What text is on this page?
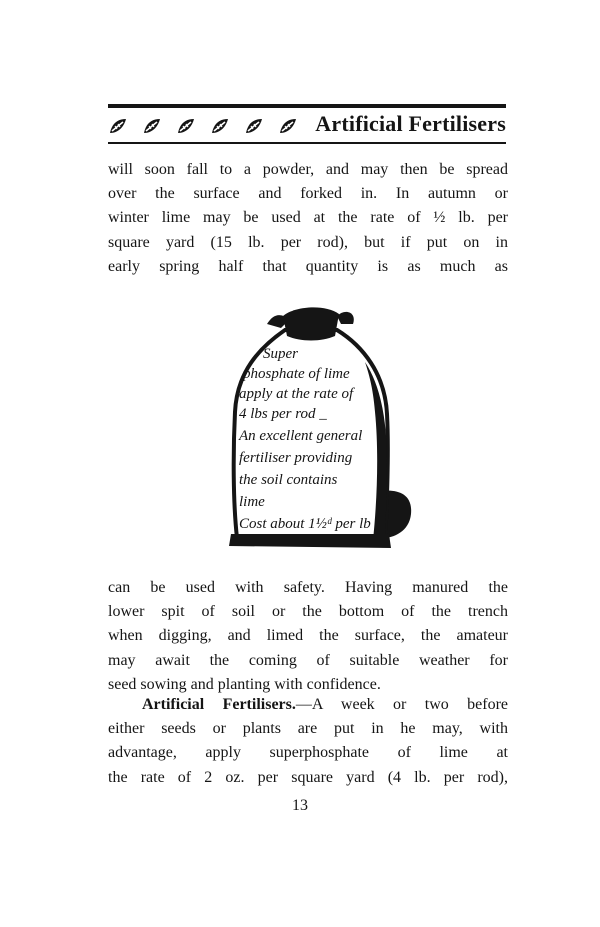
Artificial Fertilisers
will soon fall to a powder, and may then be spread
over the surface and forked in. In autumn or
winter lime may be used at the rate of ½ lb. per
square yard (15 lb. per rod), but if put on in
early spring half that quantity is as much as
Super
phosphate of lime
apply at the rate of
4 lbs per rod _
An excellent general
fertiliser providing
the soil contains
lime
Cost about 1½ᵈ per lb
can be used with safety. Having manured the
lower spit of soil or the bottom of the trench
when digging, and limed the surface, the amateur
may await the coming of suitable weather for
seed sowing and planting with confidence.
Artificial Fertilisers.—A week or two before
either seeds or plants are put in he may, with
advantage, apply superphosphate of lime at
the rate of 2 oz. per square yard (4 lb. per rod),
13
